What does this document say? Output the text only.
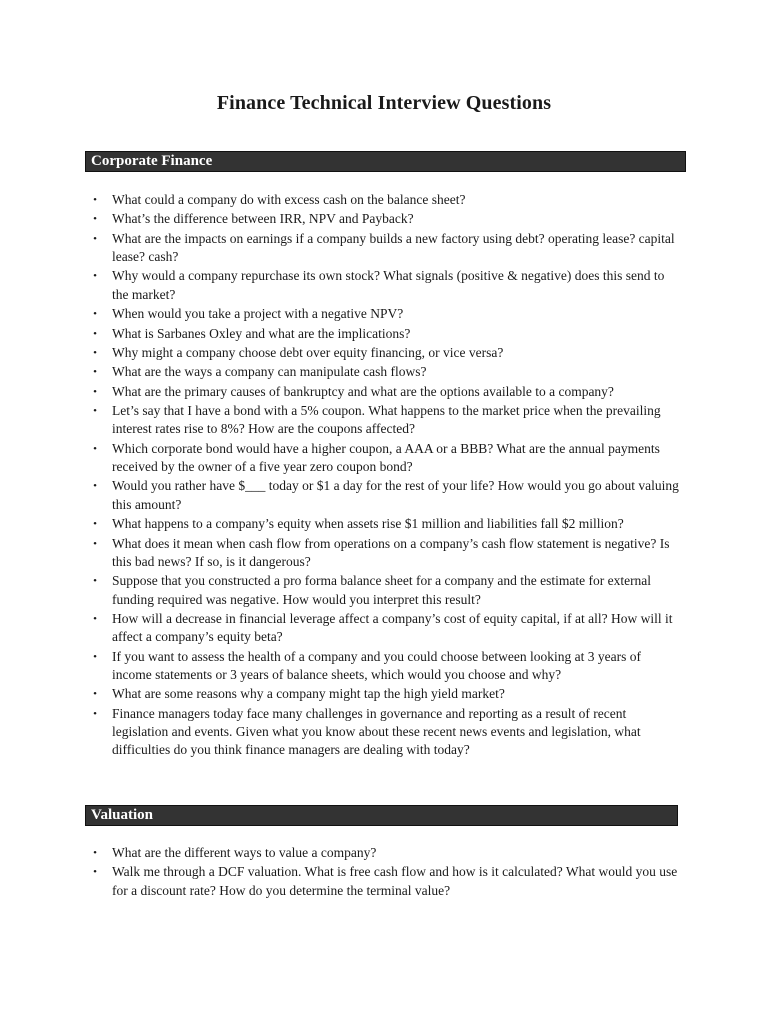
Finance Technical Interview Questions
Corporate Finance
• What could a company do with excess cash on the balance sheet?
• What’s the difference between IRR, NPV and Payback?
• What are the impacts on earnings if a company builds a new factory using debt? operating lease? capital lease? cash?
• Why would a company repurchase its own stock? What signals (positive & negative) does this send to the market?
• When would you take a project with a negative NPV?
• What is Sarbanes Oxley and what are the implications?
• Why might a company choose debt over equity financing, or vice versa?
• What are the ways a company can manipulate cash flows?
• What are the primary causes of bankruptcy and what are the options available to a company?
• Let’s say that I have a bond with a 5% coupon. What happens to the market price when the prevailing interest rates rise to 8%? How are the coupons affected?
• Which corporate bond would have a higher coupon, a AAA or a BBB? What are the annual payments received by the owner of a five year zero coupon bond?
• Would you rather have $___ today or $1 a day for the rest of your life? How would you go about valuing this amount?
• What happens to a company’s equity when assets rise $1 million and liabilities fall $2 million?
• What does it mean when cash flow from operations on a company’s cash flow statement is negative? Is this bad news? If so, is it dangerous?
• Suppose that you constructed a pro forma balance sheet for a company and the estimate for external funding required was negative. How would you interpret this result?
• How will a decrease in financial leverage affect a company’s cost of equity capital, if at all? How will it affect a company’s equity beta?
• If you want to assess the health of a company and you could choose between looking at 3 years of income statements or 3 years of balance sheets, which would you choose and why?
• What are some reasons why a company might tap the high yield market?
• Finance managers today face many challenges in governance and reporting as a result of recent legislation and events. Given what you know about these recent news events and legislation, what difficulties do you think finance managers are dealing with today?
Valuation
• What are the different ways to value a company?
• Walk me through a DCF valuation. What is free cash flow and how is it calculated? What would you use for a discount rate? How do you determine the terminal value?
